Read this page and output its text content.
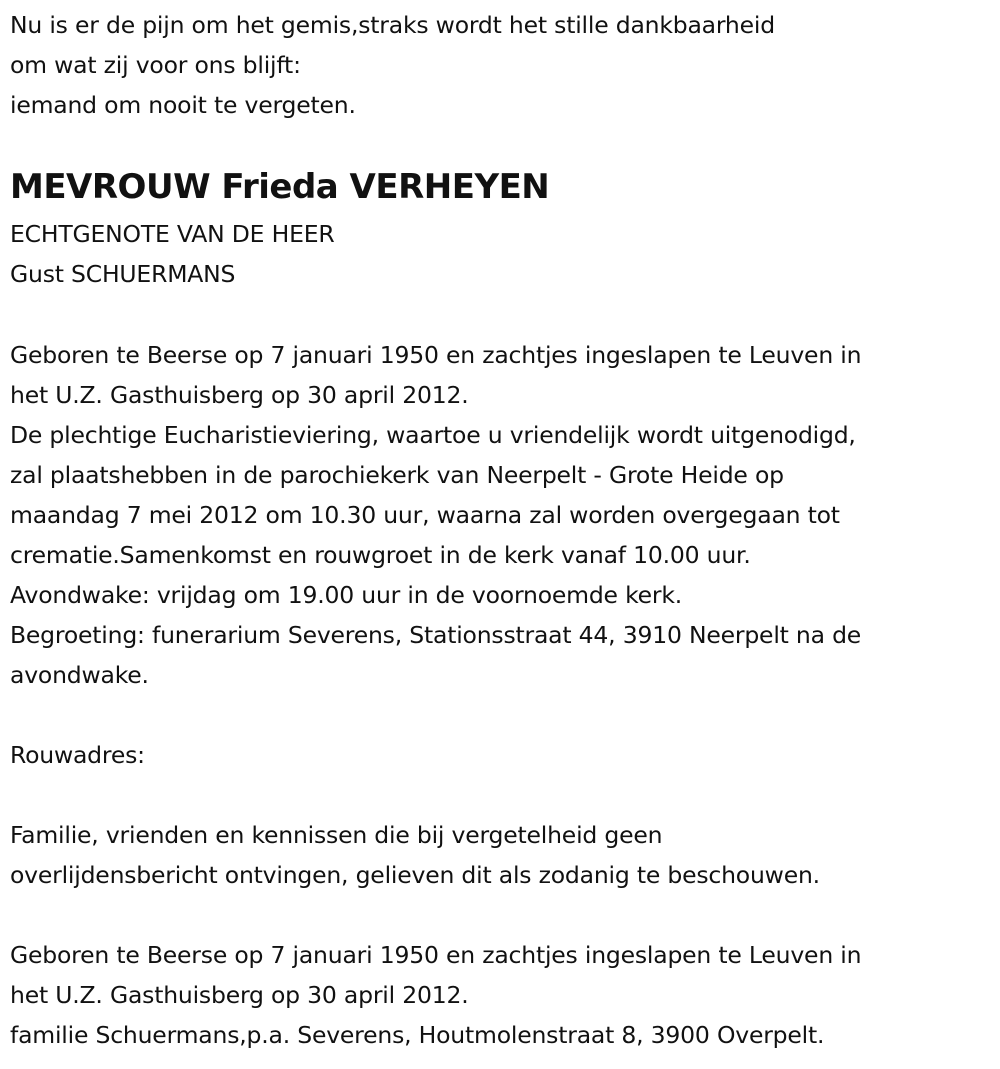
Nu is er de pijn om het gemis,straks wordt het stille dankbaarheid
om wat zij voor ons blijft:
iemand om nooit te vergeten.
MEVROUW Frieda VERHEYEN
ECHTGENOTE VAN DE HEER
Gust SCHUERMANS
Geboren te Beerse op 7 januari 1950 en zachtjes ingeslapen te Leuven in
het U.Z. Gasthuisberg op 30 april 2012.
De plechtige Eucharistieviering, waartoe u vriendelijk wordt uitgenodigd,
zal plaatshebben in de parochiekerk van Neerpelt - Grote Heide op
maandag 7 mei 2012 om 10.30 uur, waarna zal worden overgegaan tot
crematie.Samenkomst en rouwgroet in de kerk vanaf 10.00 uur.
Avondwake: vrijdag om 19.00 uur in de voornoemde kerk.
Begroeting: funerarium Severens, Stationsstraat 44, 3910 Neerpelt na de
avondwake.
Rouwadres:
Familie, vrienden en kennissen die bij vergetelheid geen
overlijdensbericht ontvingen, gelieven dit als zodanig te beschouwen.
Geboren te Beerse op 7 januari 1950 en zachtjes ingeslapen te Leuven in
het U.Z. Gasthuisberg op 30 april 2012.
familie Schuermans,p.a. Severens, Houtmolenstraat 8, 3900 Overpelt.
